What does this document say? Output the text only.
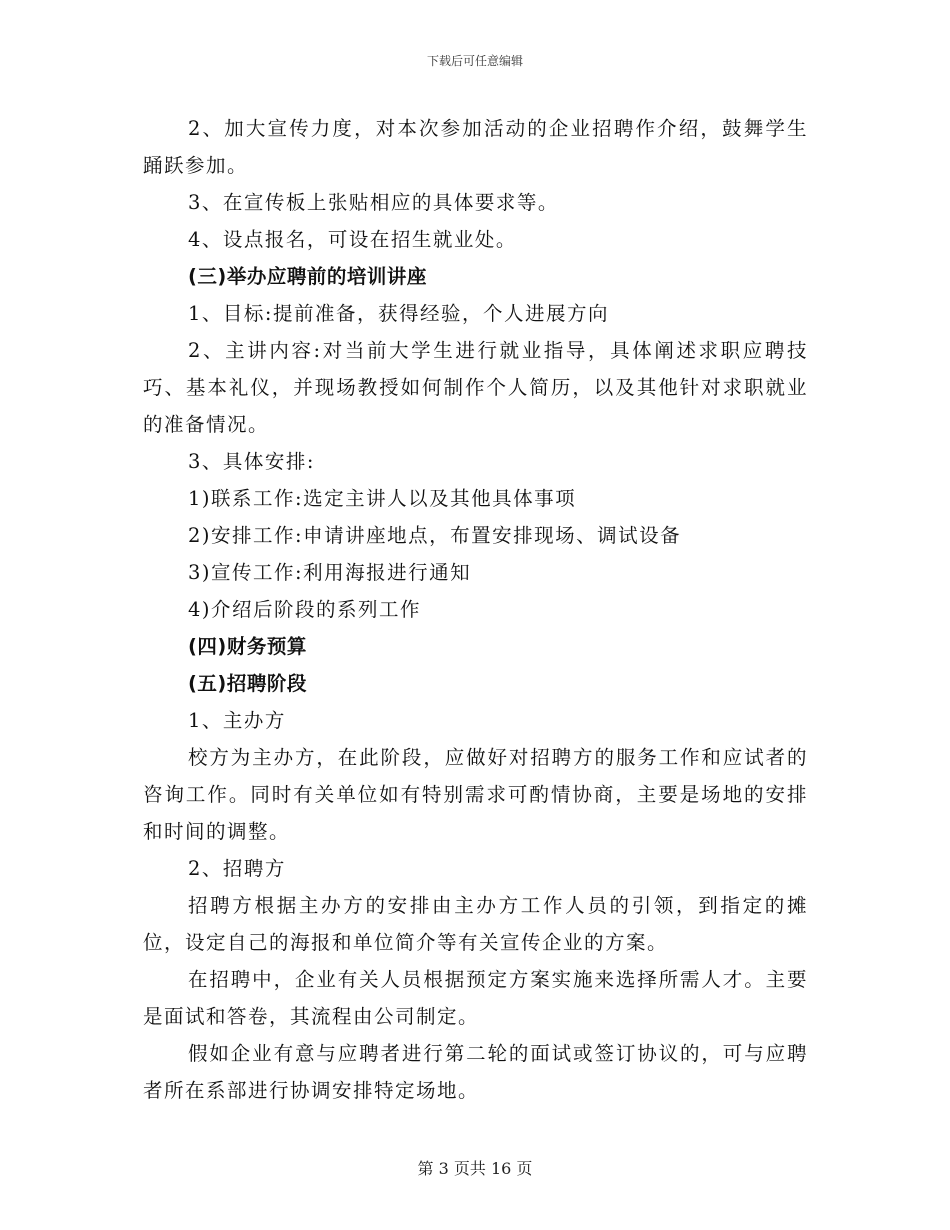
下载后可任意编辑

2、加大宣传力度，对本次参加活动的企业招聘作介绍，鼓舞学生踊跃参加。

3、在宣传板上张贴相应的具体要求等。

4、设点报名，可设在招生就业处。

(三)举办应聘前的培训讲座

1、目标:提前准备，获得经验，个人进展方向

2、主讲内容:对当前大学生进行就业指导，具体阐述求职应聘技巧、基本礼仪，并现场教授如何制作个人简历，以及其他针对求职就业的准备情况。

3、具体安排:

1)联系工作:选定主讲人以及其他具体事项

2)安排工作:申请讲座地点，布置安排现场、调试设备

3)宣传工作:利用海报进行通知

4)介绍后阶段的系列工作

(四)财务预算

(五)招聘阶段

1、主办方

校方为主办方，在此阶段，应做好对招聘方的服务工作和应试者的咨询工作。同时有关单位如有特别需求可酌情协商，主要是场地的安排和时间的调整。

2、招聘方

招聘方根据主办方的安排由主办方工作人员的引领，到指定的摊位，设定自己的海报和单位简介等有关宣传企业的方案。

在招聘中，企业有关人员根据预定方案实施来选择所需人才。主要是面试和答卷，其流程由公司制定。

假如企业有意与应聘者进行第二轮的面试或签订协议的，可与应聘者所在系部进行协调安排特定场地。

第 3 页共 16 页
